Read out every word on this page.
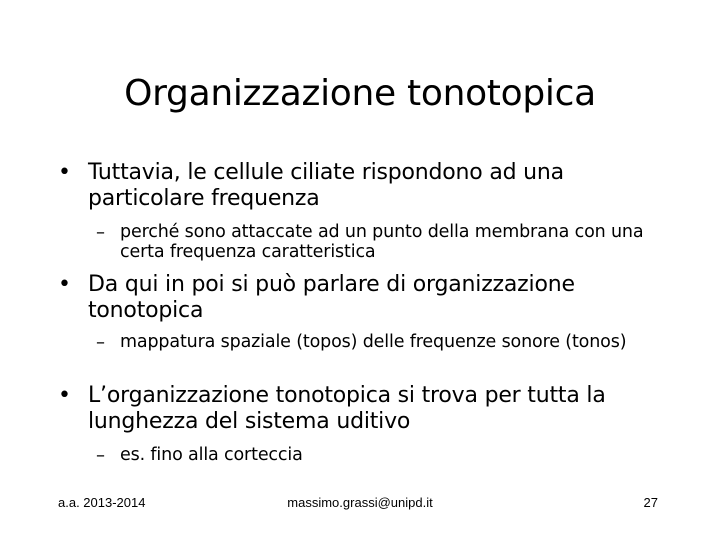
Organizzazione tonotopica
• Tuttavia, le cellule ciliate rispondono ad una particolare frequenza
– perché sono attaccate ad un punto della membrana con una certa frequenza caratteristica
• Da qui in poi si può parlare di organizzazione tonotopica
– mappatura spaziale (topos) delle frequenze sonore (tonos)
• L’organizzazione tonotopica si trova per tutta la lunghezza del sistema uditivo
– es. fino alla corteccia
a.a. 2013-2014	massimo.grassi@unipd.it	27
